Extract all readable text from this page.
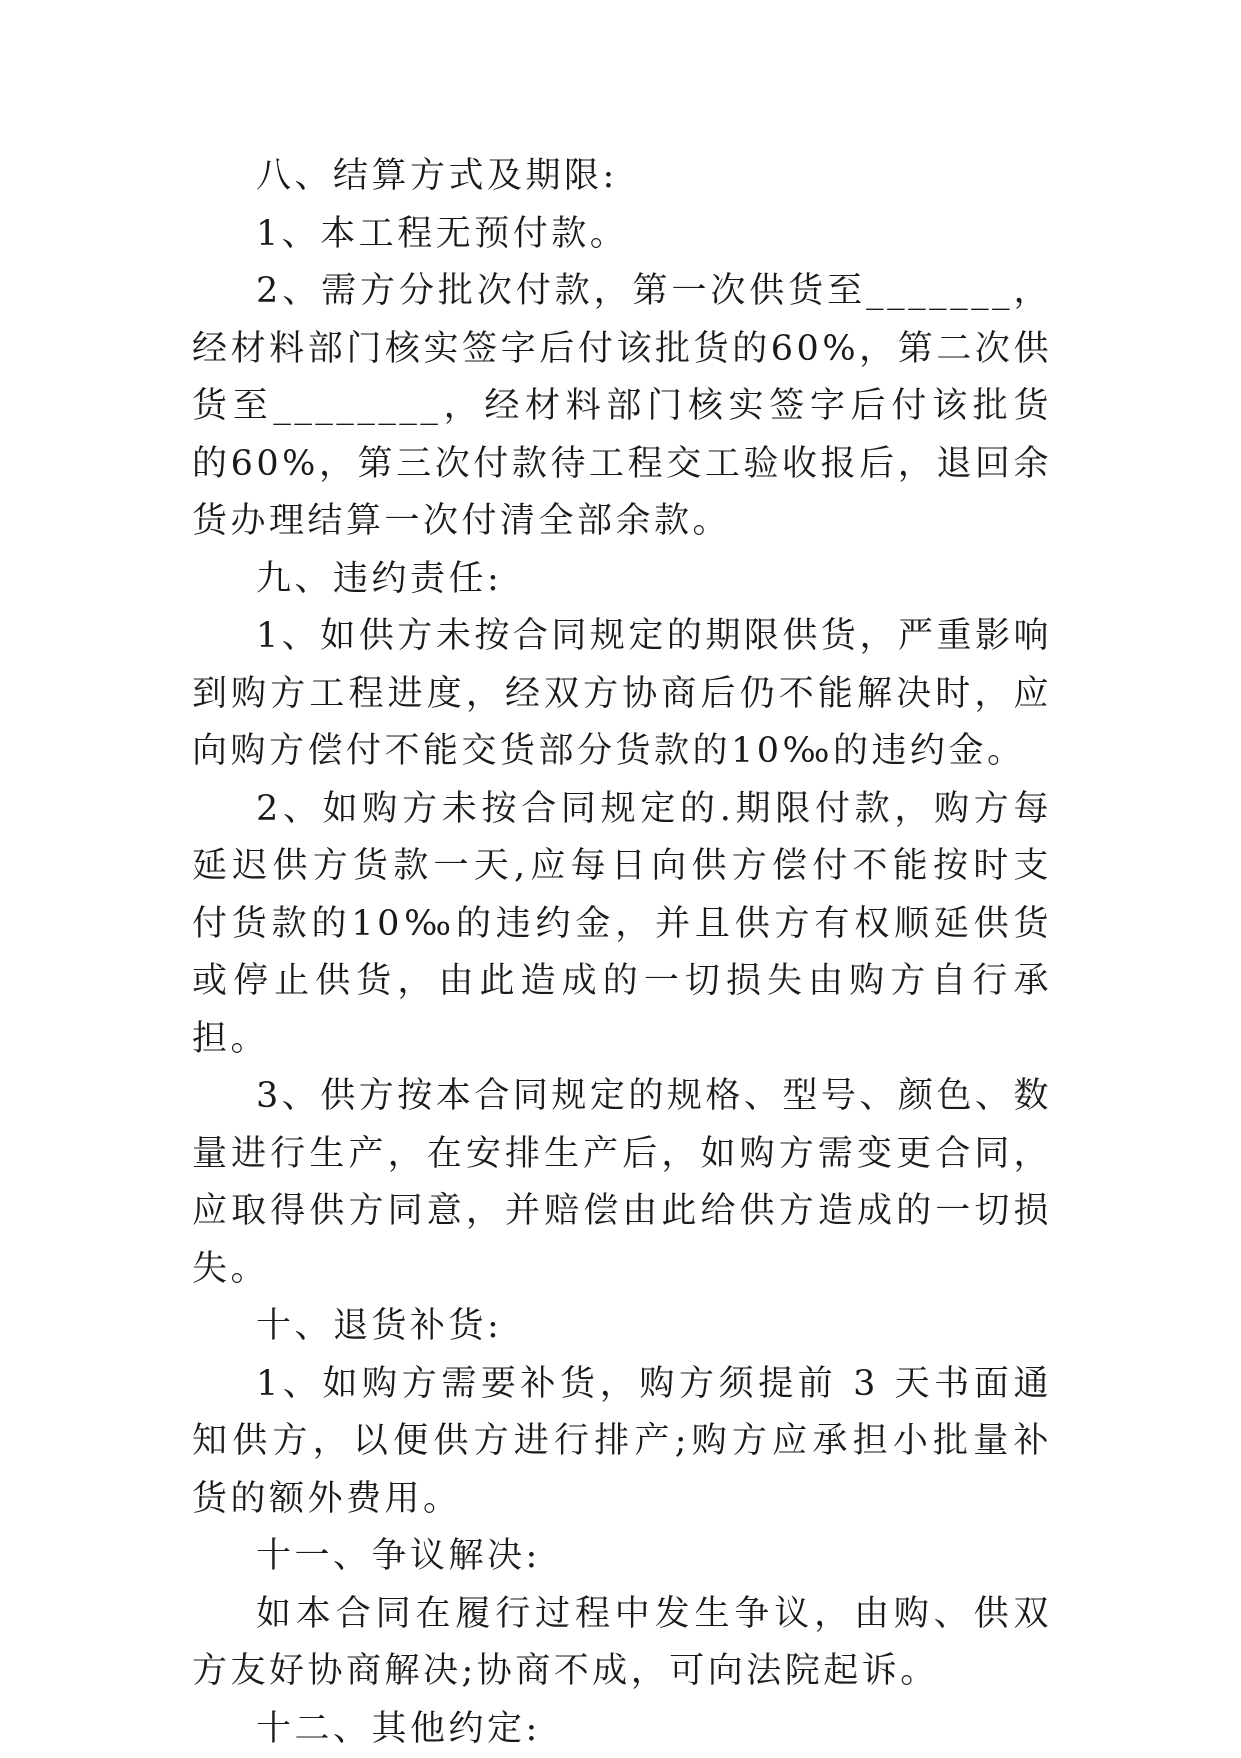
八、结算方式及期限:

1、本工程无预付款。

2、需方分批次付款，第一次供货至_______，经材料部门核实签字后付该批货的60%，第二次供货至________，经材料部门核实签字后付该批货的60%，第三次付款待工程交工验收报后，退回余货办理结算一次付清全部余款。

九、违约责任:

1、如供方未按合同规定的期限供货，严重影响到购方工程进度，经双方协商后仍不能解决时，应向购方偿付不能交货部分货款的10‰的违约金。

2、如购方未按合同规定的.期限付款，购方每延迟供方货款一天,应每日向供方偿付不能按时支付货款的10‰的违约金，并且供方有权顺延供货或停止供货，由此造成的一切损失由购方自行承担。

3、供方按本合同规定的规格、型号、颜色、数量进行生产，在安排生产后，如购方需变更合同，应取得供方同意，并赔偿由此给供方造成的一切损失。

十、退货补货:

1、如购方需要补货，购方须提前 3 天书面通知供方，以便供方进行排产;购方应承担小批量补货的额外费用。

十一、争议解决:

如本合同在履行过程中发生争议，由购、供双方友好协商解决;协商不成，可向法院起诉。

十二、其他约定:
